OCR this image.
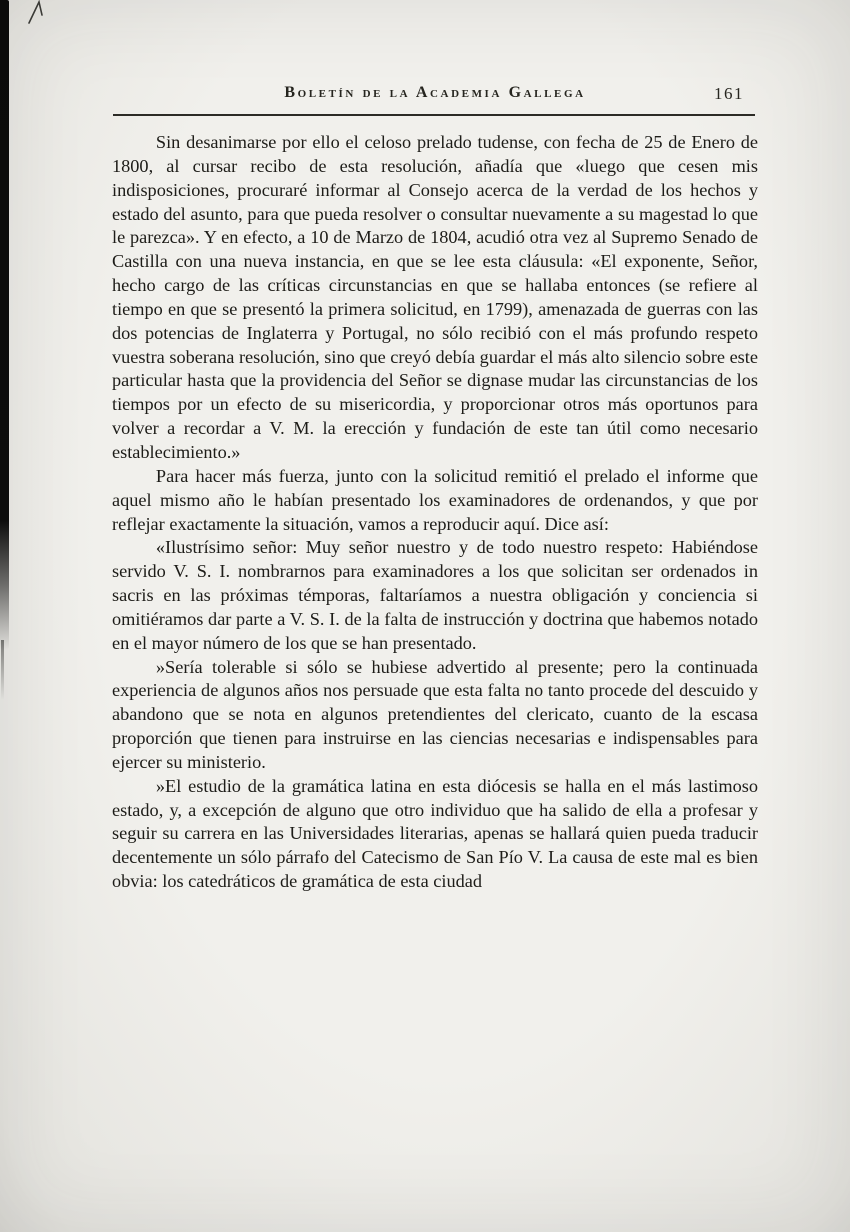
Boletín de la Academia Gallega	161

Sin desanimarse por ello el celoso prelado tudense, con fecha de 25 de Enero de 1800, al cursar recibo de esta resolución, añadía que «luego que cesen mis indisposiciones, procuraré informar al Consejo acerca de la verdad de los hechos y estado del asunto, para que pueda resolver o consultar nuevamente a su magestad lo que le parezca». Y en efecto, a 10 de Marzo de 1804, acudió otra vez al Supremo Senado de Castilla con una nueva instancia, en que se lee esta cláusula: «El exponente, Señor, hecho cargo de las críticas circunstancias en que se hallaba entonces (se refiere al tiempo en que se presentó la primera solicitud, en 1799), amenazada de guerras con las dos potencias de Inglaterra y Portugal, no sólo recibió con el más profundo respeto vuestra soberana resolución, sino que creyó debía guardar el más alto silencio sobre este particular hasta que la providencia del Señor se dignase mudar las circunstancias de los tiempos por un efecto de su misericordia, y proporcionar otros más oportunos para volver a recordar a V. M. la erección y fundación de este tan útil como necesario establecimiento.»

Para hacer más fuerza, junto con la solicitud remitió el prelado el informe que aquel mismo año le habían presentado los examinadores de ordenandos, y que por reflejar exactamente la situación, vamos a reproducir aquí. Dice así:

«Ilustrísimo señor: Muy señor nuestro y de todo nuestro respeto: Habiéndose servido V. S. I. nombrarnos para examinadores a los que solicitan ser ordenados in sacris en las próximas témporas, faltaríamos a nuestra obligación y conciencia si omitiéramos dar parte a V. S. I. de la falta de instrucción y doctrina que habemos notado en el mayor número de los que se han presentado.

»Sería tolerable si sólo se hubiese advertido al presente; pero la continuada experiencia de algunos años nos persuade que esta falta no tanto procede del descuido y abandono que se nota en algunos pretendientes del clericato, cuanto de la escasa proporción que tienen para instruirse en las ciencias necesarias e indispensables para ejercer su ministerio.

»El estudio de la gramática latina en esta diócesis se halla en el más lastimoso estado, y, a excepción de alguno que otro individuo que ha salido de ella a profesar y seguir su carrera en las Universidades literarias, apenas se hallará quien pueda traducir decentemente un sólo párrafo del Catecismo de San Pío V. La causa de este mal es bien obvia: los catedráticos de gramática de esta ciudad
